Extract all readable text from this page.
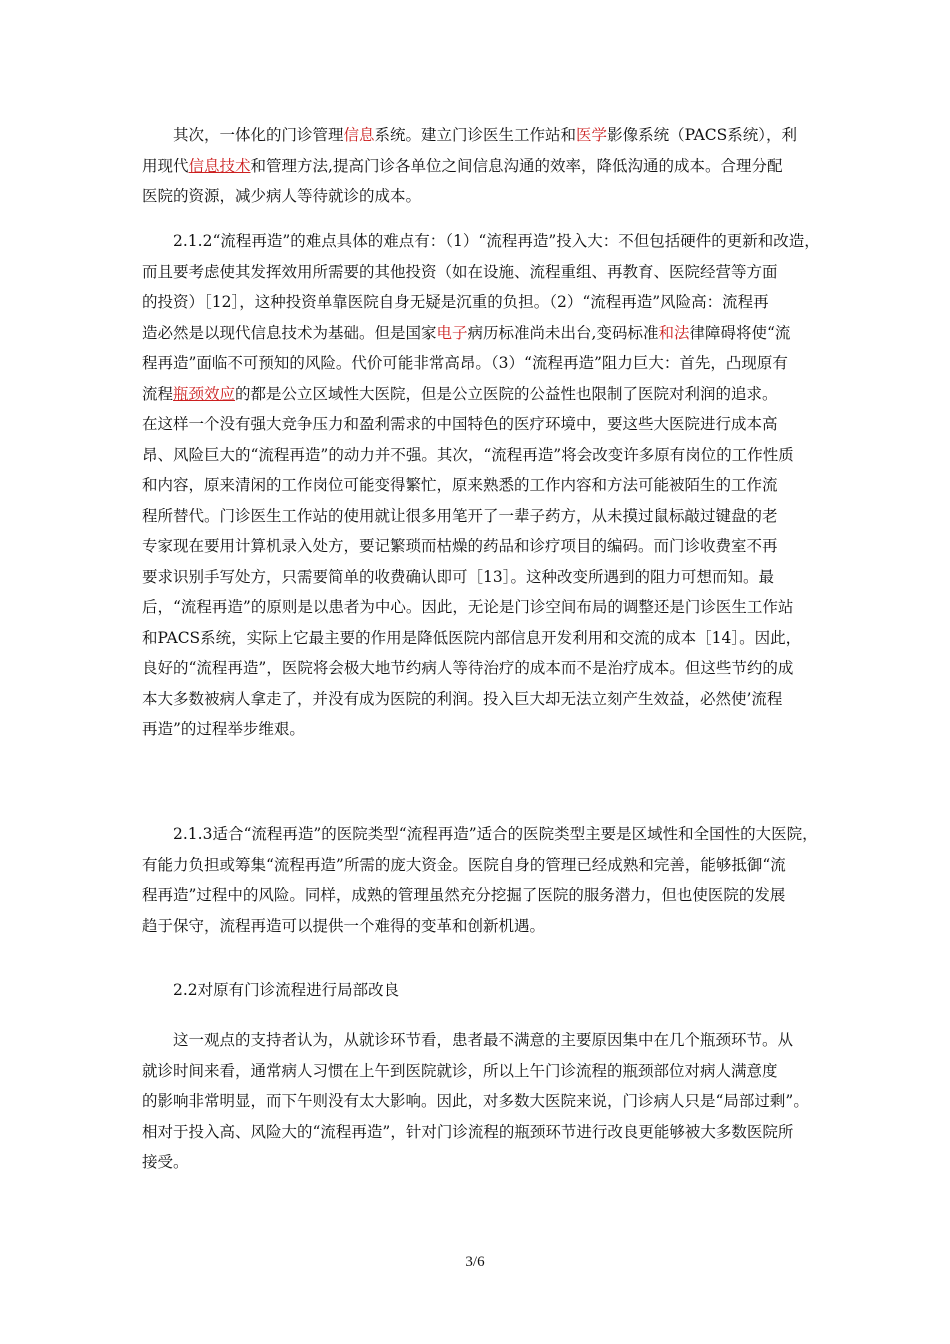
　　其次，一体化的门诊管理信息系统。建立门诊医生工作站和医学影像系统（PACS系统），利
用现代信息技术和管理方法,提高门诊各单位之间信息沟通的效率，降低沟通的成本。合理分配
医院的资源，减少病人等待就诊的成本。
　　2.1.2“流程再造”的难点具体的难点有：（1）“流程再造”投入大：不但包括硬件的更新和改造，
而且要考虑使其发挥效用所需要的其他投资（如在设施、流程重组、再教育、医院经营等方面
的投资）［12］，这种投资单靠医院自身无疑是沉重的负担。（2）“流程再造”风险高：流程再
造必然是以现代信息技术为基础。但是国家电子病历标准尚未出台,变码标准和法律障碍将使“流
程再造”面临不可预知的风险。代价可能非常高昂。（3）“流程再造”阻力巨大：首先，凸现原有
流程瓶颈效应的都是公立区域性大医院，但是公立医院的公益性也限制了医院对利润的追求。
在这样一个没有强大竞争压力和盈利需求的中国特色的医疗环境中，要这些大医院进行成本高
昂、风险巨大的“流程再造”的动力并不强。其次，“流程再造”将会改变许多原有岗位的工作性质
和内容，原来清闲的工作岗位可能变得繁忙，原来熟悉的工作内容和方法可能被陌生的工作流
程所替代。门诊医生工作站的使用就让很多用笔开了一辈子药方，从未摸过鼠标敲过键盘的老
专家现在要用计算机录入处方，要记繁琐而枯燥的药品和诊疗项目的编码。而门诊收费室不再
要求识别手写处方，只需要简单的收费确认即可［13］。这种改变所遇到的阻力可想而知。最
后，“流程再造”的原则是以患者为中心。因此，无论是门诊空间布局的调整还是门诊医生工作站
和PACS系统，实际上它最主要的作用是降低医院内部信息开发利用和交流的成本［14］。因此，
良好的“流程再造”，医院将会极大地节约病人等待治疗的成本而不是治疗成本。但这些节约的成
本大多数被病人拿走了，并没有成为医院的利润。投入巨大却无法立刻产生效益，必然使’流程
再造”的过程举步维艰。
　　2.1.3适合“流程再造”的医院类型“流程再造”适合的医院类型主要是区域性和全国性的大医院，
有能力负担或筹集“流程再造”所需的庞大资金。医院自身的管理已经成熟和完善，能够抵御“流
程再造”过程中的风险。同样，成熟的管理虽然充分挖掘了医院的服务潜力，但也使医院的发展
趋于保守，流程再造可以提供一个难得的变革和创新机遇。
　　2.2对原有门诊流程进行局部改良
　　这一观点的支持者认为，从就诊环节看，患者最不满意的主要原因集中在几个瓶颈环节。从
就诊时间来看，通常病人习惯在上午到医院就诊，所以上午门诊流程的瓶颈部位对病人满意度
的影响非常明显，而下午则没有太大影响。因此，对多数大医院来说，门诊病人只是“局部过剩”。
相对于投入高、风险大的“流程再造”，针对门诊流程的瓶颈环节进行改良更能够被大多数医院所
接受。
3/6
